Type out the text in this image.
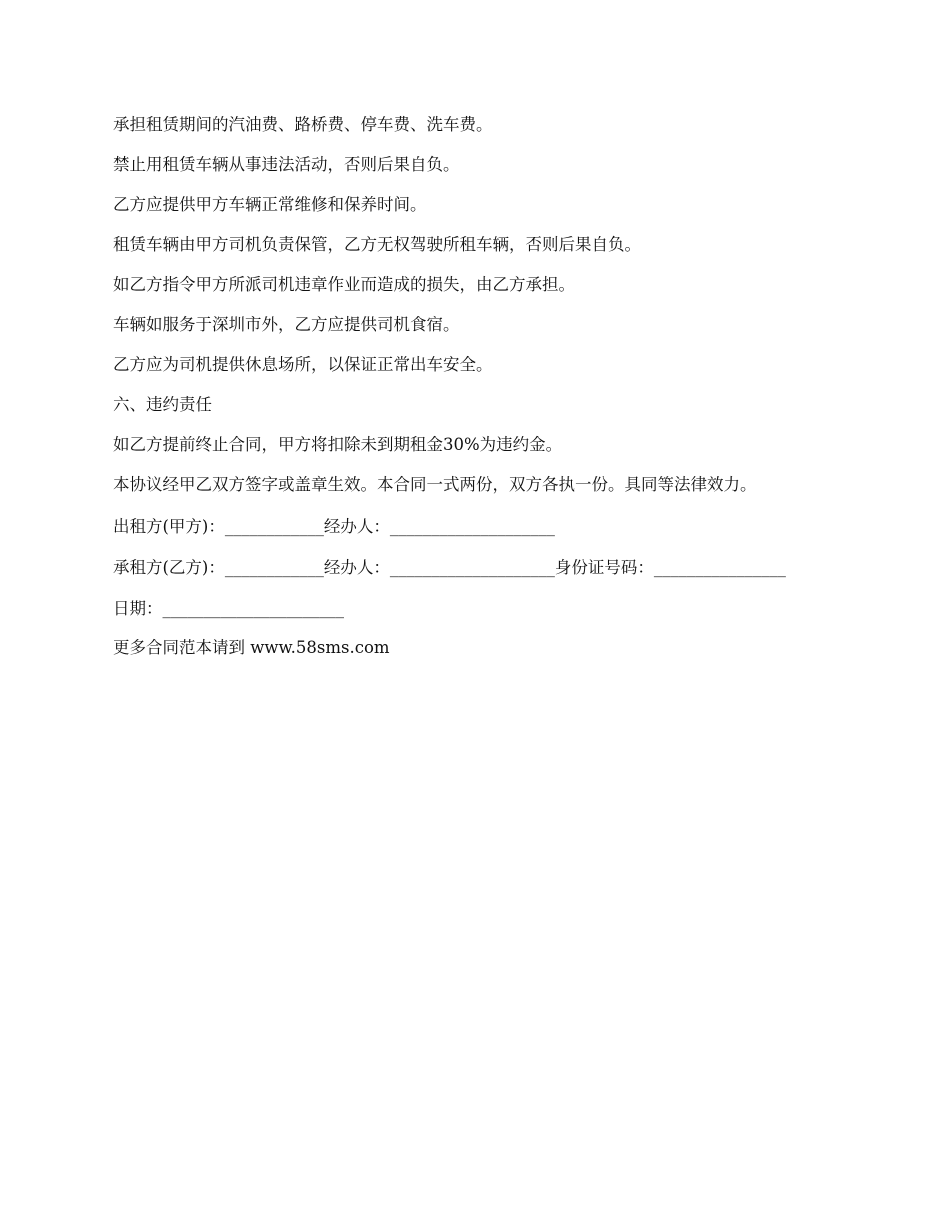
承担租赁期间的汽油费、路桥费、停车费、洗车费。

禁止用租赁车辆从事违法活动，否则后果自负。

乙方应提供甲方车辆正常维修和保养时间。

租赁车辆由甲方司机负责保管，乙方无权驾驶所租车辆，否则后果自负。

如乙方指令甲方所派司机违章作业而造成的损失，由乙方承担。

车辆如服务于深圳市外，乙方应提供司机食宿。

乙方应为司机提供休息场所，以保证正常出车安全。

六、违约责任

如乙方提前终止合同，甲方将扣除未到期租金30%为违约金。

本协议经甲乙双方签字或盖章生效。本合同一式两份，双方各执一份。具同等法律效力。

出租方(甲方)：____________经办人：____________________

承租方(乙方)：____________经办人：____________________身份证号码：________________

日期：______________________

更多合同范本请到 www.58sms.com
